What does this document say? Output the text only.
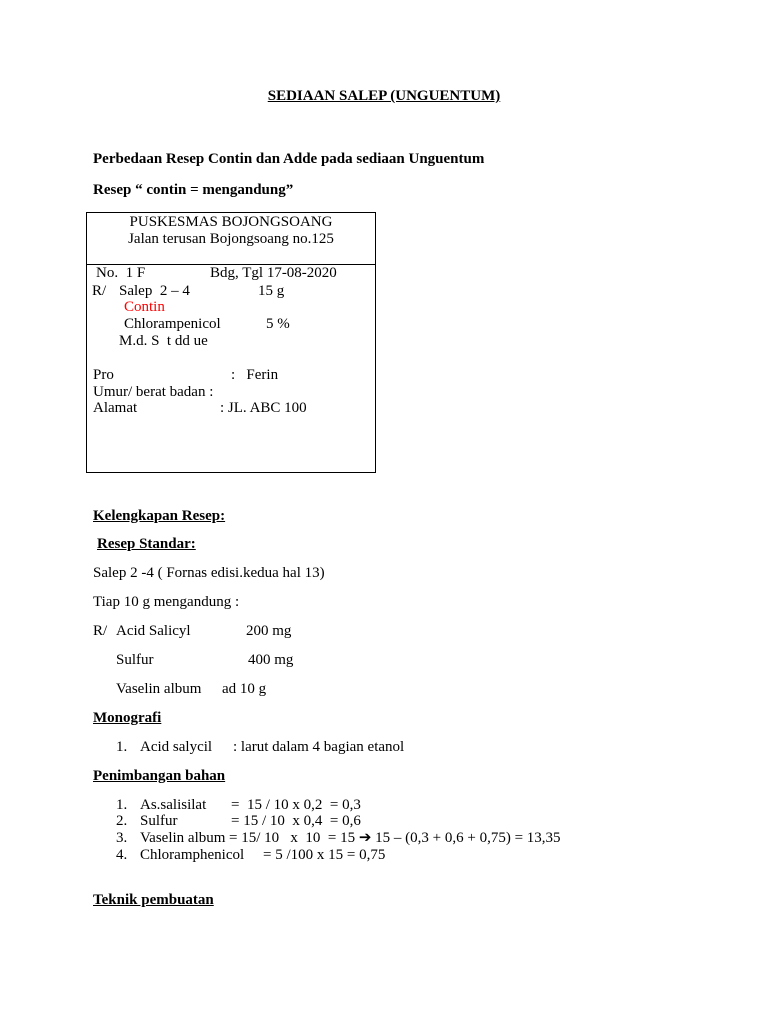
SEDIAAN SALEP (UNGUENTUM)
Perbedaan Resep Contin dan Adde pada sediaan Unguentum
Resep “ contin = mengandung”
PUSKESMAS BOJONGSOANG
Jalan terusan Bojongsoang no.125
No.  1 F	Bdg, Tgl 17-08-2020
R/ Salep  2 – 4	15 g
Contin
Chlorampenicol	5 %
M.d. S  t dd ue
Pro	:   Ferin
Umur/ berat badan :
Alamat	: JL. ABC 100
Kelengkapan Resep:
Resep Standar:
Salep 2 -4 ( Fornas edisi.kedua hal 13)
Tiap 10 g mengandung :
R/ Acid Salicyl	200 mg
Sulfur	400 mg
Vaselin album ad 10 g
Monografi
1. Acid salycil : larut dalam 4 bagian etanol
Penimbangan bahan
1. As.salisilat =  15 / 10 x 0,2  = 0,3
2. Sulfur	= 15 / 10  x 0,4  = 0,6
3. Vaselin album = 15/ 10   x  10  = 15 ➔ 15 – (0,3 + 0,6 + 0,75) = 13,35
4. Chloramphenicol = 5 /100 x 15 = 0,75
Teknik pembuatan
